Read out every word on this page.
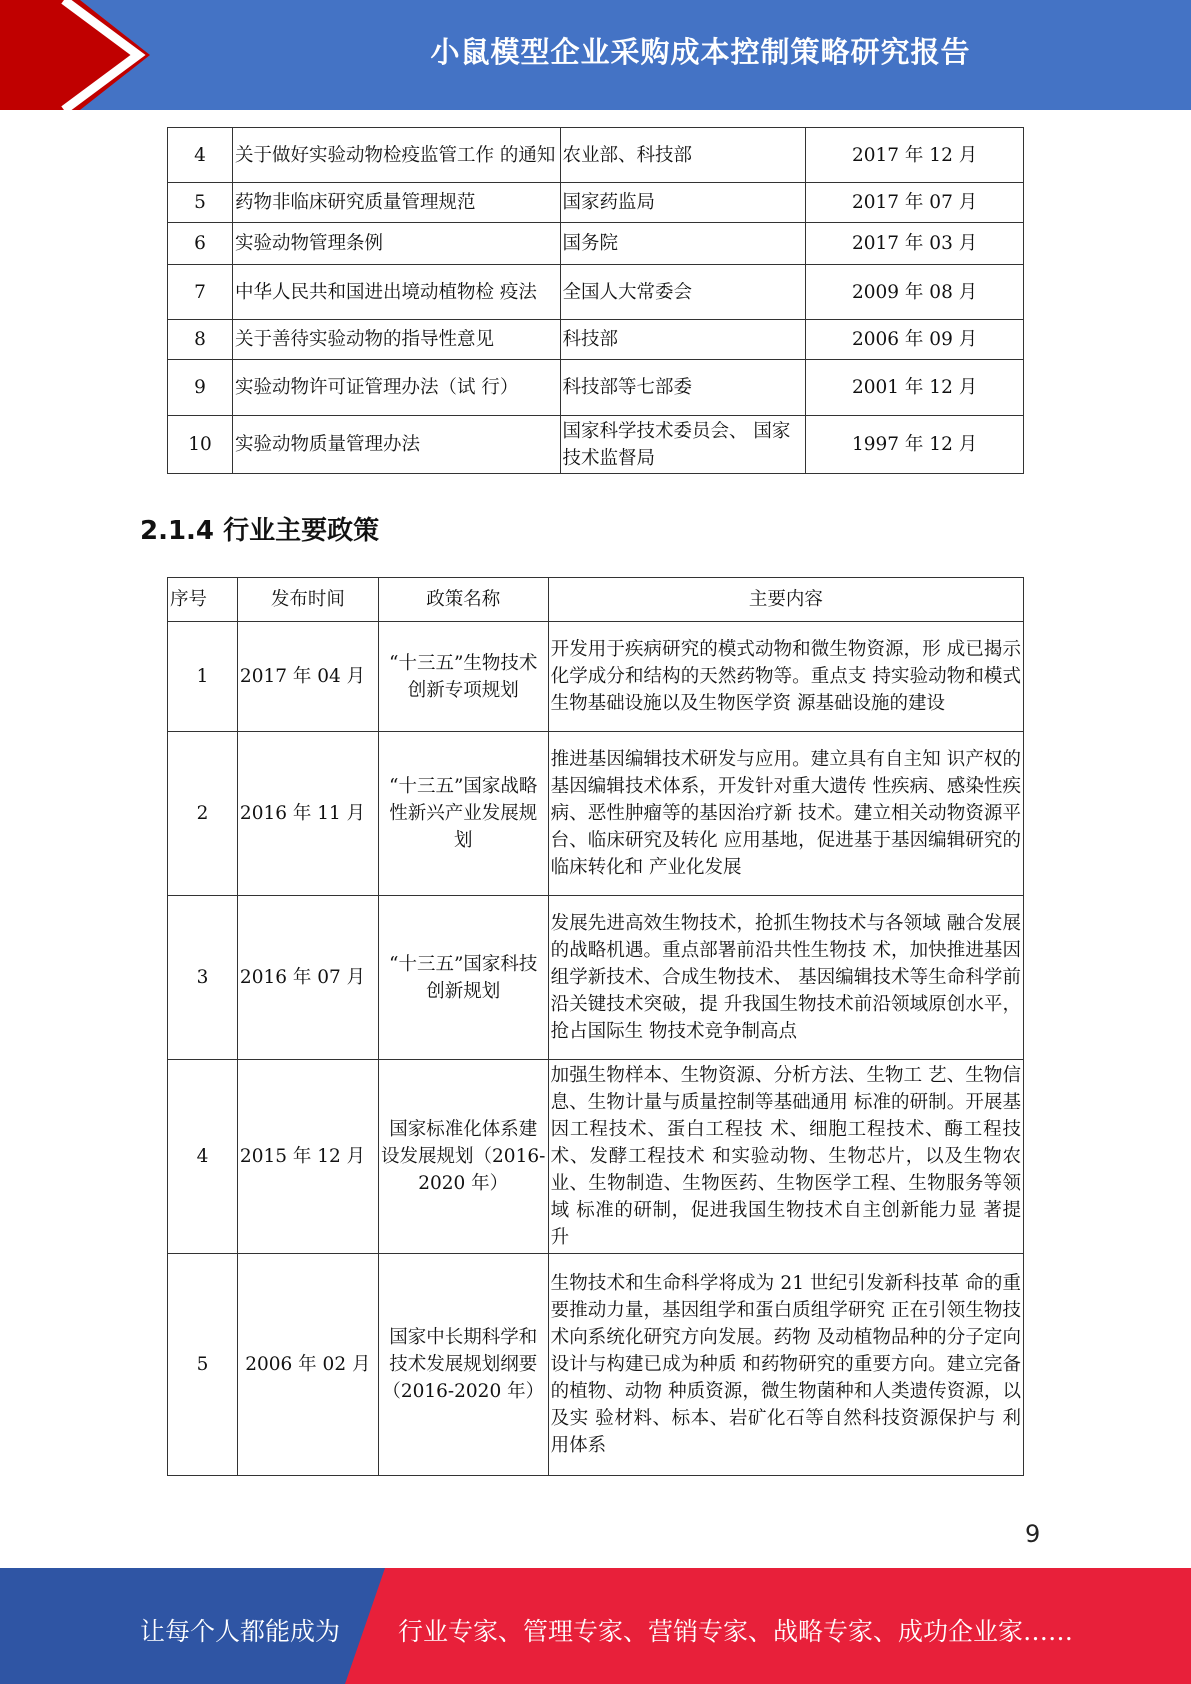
小鼠模型企业采购成本控制策略研究报告
4	关于做好实验动物检疫监管工作 的通知	农业部、科技部	2017 年 12 月
5	药物非临床研究质量管理规范	国家药监局	2017 年 07 月
6	实验动物管理条例	国务院	2017 年 03 月
7	中华人民共和国进出境动植物检 疫法	全国人大常委会	2009 年 08 月
8	关于善待实验动物的指导性意见	科技部	2006 年 09 月
9	实验动物许可证管理办法（试 行）	科技部等七部委	2001 年 12 月
10	实验动物质量管理办法	国家科学技术委员会、 国家技术监督局	1997 年 12 月
2.1.4 行业主要政策
序号	发布时间	政策名称	主要内容
1	2017 年 04 月	“十三五”生物技术创新专项规划	开发用于疾病研究的模式动物和微生物资源，形 成已揭示化学成分和结构的天然药物等。重点支 持实验动物和模式生物基础设施以及生物医学资 源基础设施的建设
2	2016 年 11 月	“十三五”国家战略性新兴产业发展规划	推进基因编辑技术研发与应用。建立具有自主知 识产权的基因编辑技术体系，开发针对重大遗传 性疾病、感染性疾病、恶性肿瘤等的基因治疗新 技术。建立相关动物资源平台、临床研究及转化 应用基地，促进基于基因编辑研究的临床转化和 产业化发展
3	2016 年 07 月	“十三五”国家科技创新规划	发展先进高效生物技术，抢抓生物技术与各领域 融合发展的战略机遇。重点部署前沿共性生物技 术，加快推进基因组学新技术、合成生物技术、 基因编辑技术等生命科学前沿关键技术突破，提 升我国生物技术前沿领域原创水平，抢占国际生 物技术竞争制高点
4	2015 年 12 月	国家标准化体系建设发展规划（2016-2020 年）	加强生物样本、生物资源、分析方法、生物工 艺、生物信息、生物计量与质量控制等基础通用 标准的研制。开展基因工程技术、蛋白工程技 术、细胞工程技术、酶工程技术、发酵工程技术 和实验动物、生物芯片，以及生物农业、生物制造、生物医药、生物医学工程、生物服务等领域 标准的研制，促进我国生物技术自主创新能力显 著提升
5	2006 年 02 月	国家中长期科学和技术发展规划纲要 （2016-2020 年）	生物技术和生命科学将成为 21 世纪引发新科技革 命的重要推动力量，基因组学和蛋白质组学研究 正在引领生物技术向系统化研究方向发展。药物 及动植物品种的分子定向设计与构建已成为种质 和药物研究的重要方向。建立完备的植物、动物 种质资源，微生物菌种和人类遗传资源，以及实 验材料、标本、岩矿化石等自然科技资源保护与 利用体系
9
让每个人都能成为 行业专家、管理专家、营销专家、战略专家、成功企业家……
